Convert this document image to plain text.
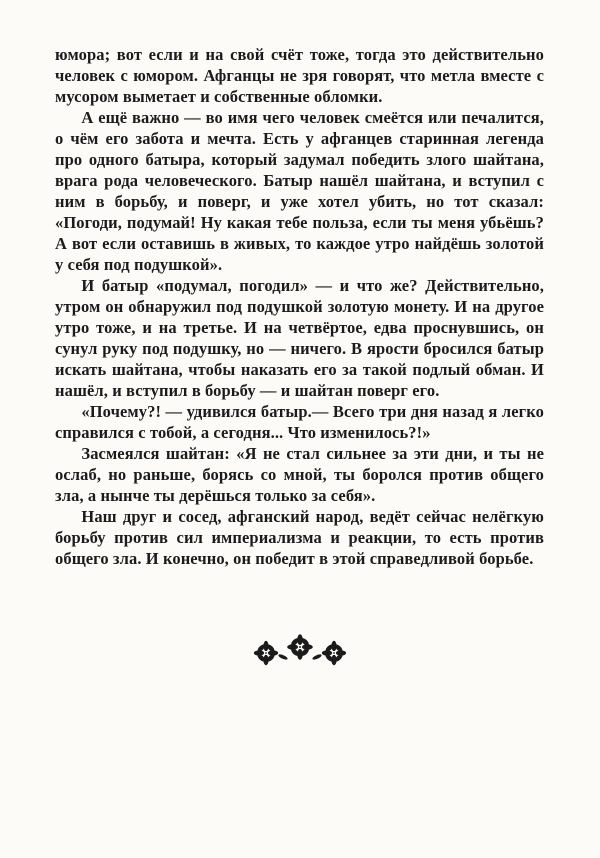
юмора; вот если и на свой счёт тоже, тогда это действительно человек с юмором. Афганцы не зря говорят, что метла вместе с мусором выметает и собственные обломки.

А ещё важно — во имя чего человек смеётся или печалится, о чём его забота и мечта. Есть у афганцев старинная легенда про одного батыра, который задумал победить злого шайтана, врага рода человеческого. Батыр нашёл шайтана, и вступил с ним в борьбу, и поверг, и уже хотел убить, но тот сказал: «Погоди, подумай! Ну какая тебе польза, если ты меня убьёшь? А вот если оставишь в живых, то каждое утро найдёшь золотой у себя под подушкой».

И батыр «подумал, погодил» — и что же? Действительно, утром он обнаружил под подушкой золотую монету. И на другое утро тоже, и на третье. И на четвёртое, едва проснувшись, он сунул руку под подушку, но — ничего. В ярости бросился батыр искать шайтана, чтобы наказать его за такой подлый обман. И нашёл, и вступил в борьбу — и шайтан поверг его.

«Почему?! — удивился батыр.— Всего три дня назад я легко справился с тобой, а сегодня... Что изменилось?!»

Засмеялся шайтан: «Я не стал сильнее за эти дни, и ты не ослаб, но раньше, борясь со мной, ты боролся против общего зла, а нынче ты дерёшься только за себя».

Наш друг и сосед, афганский народ, ведёт сейчас нелёгкую борьбу против сил империализма и реакции, то есть против общего зла. И конечно, он победит в этой справедливой борьбе.
